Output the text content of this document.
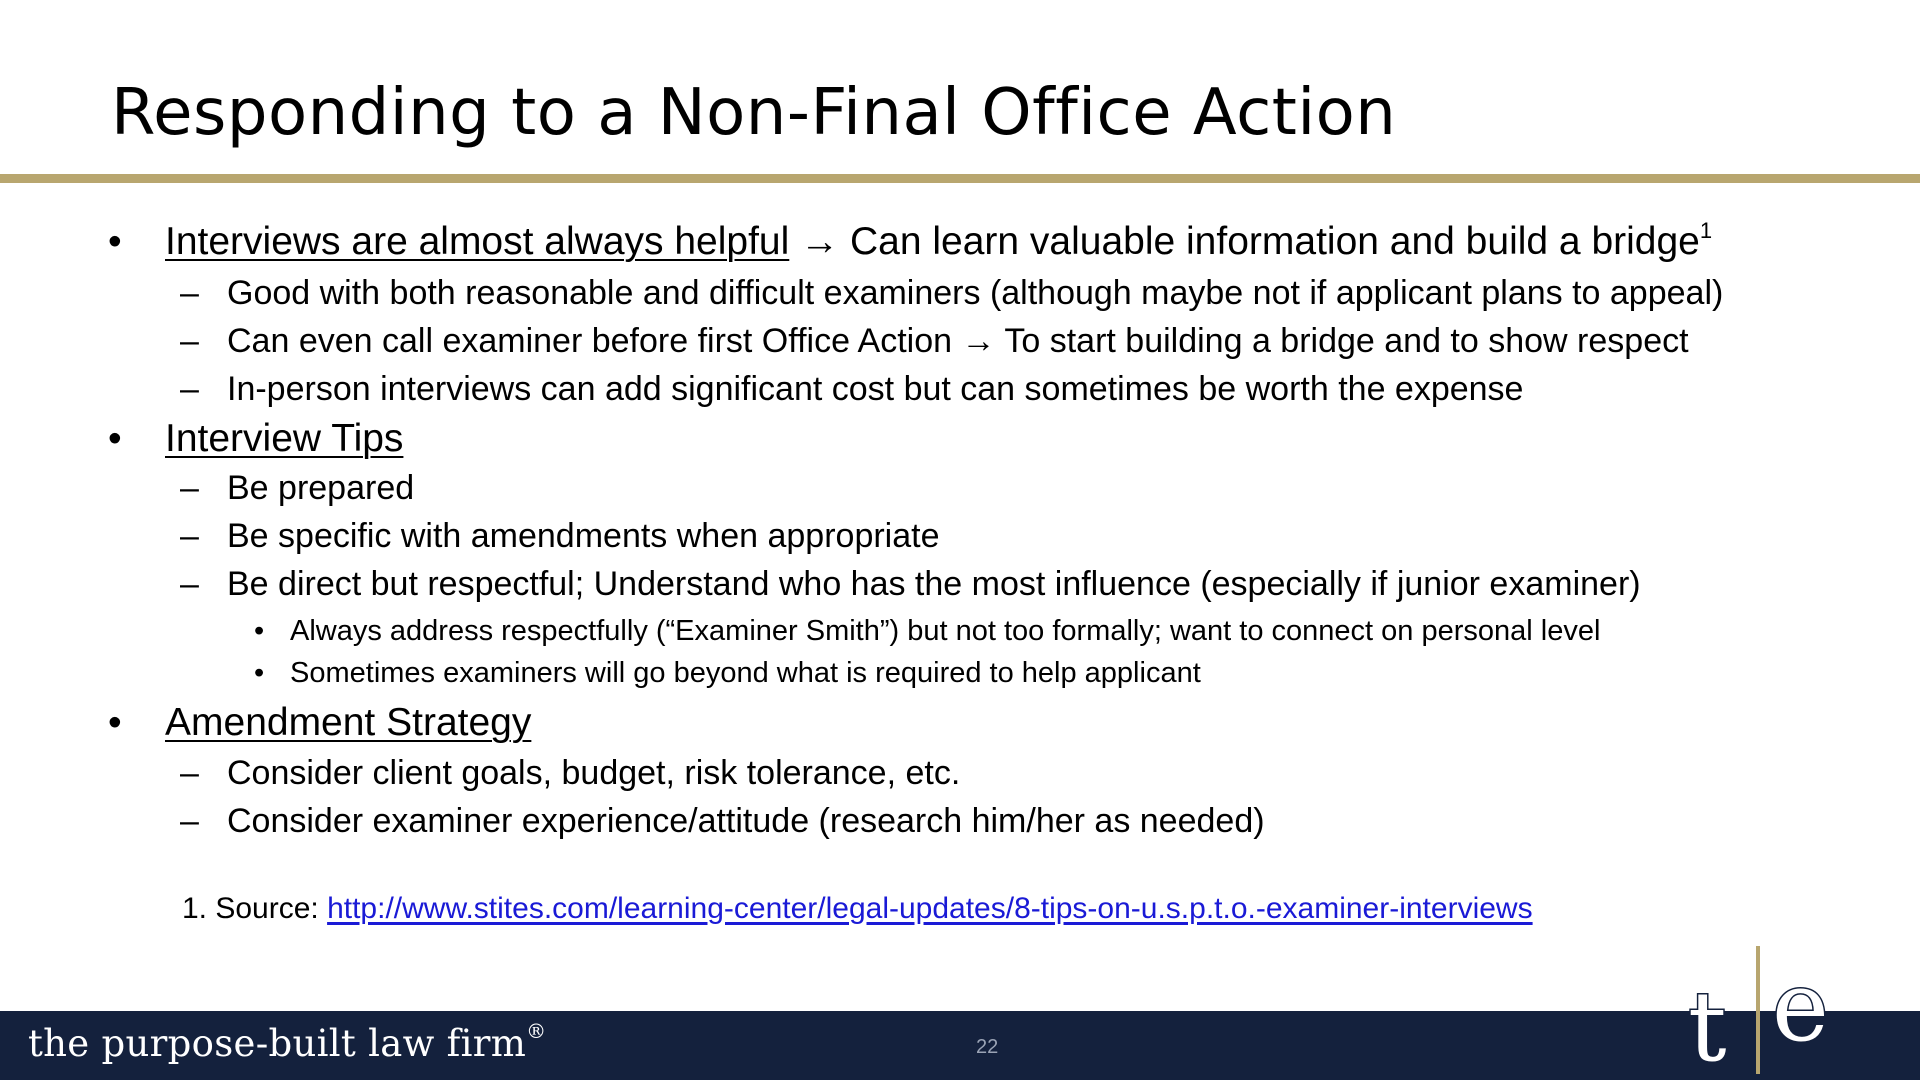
Responding to a Non-Final Office Action
• Interviews are almost always helpful → Can learn valuable information and build a bridge$^1$
– Good with both reasonable and difficult examiners (although maybe not if applicant plans to appeal)
– Can even call examiner before first Office Action → To start building a bridge and to show respect
– In-person interviews can add significant cost but can sometimes be worth the expense
• Interview Tips
– Be prepared
– Be specific with amendments when appropriate
– Be direct but respectful; Understand who has the most influence (especially if junior examiner)
• Always address respectfully (“Examiner Smith”) but not too formally; want to connect on personal level
• Sometimes examiners will go beyond what is required to help applicant
• Amendment Strategy
– Consider client goals, budget, risk tolerance, etc.
– Consider examiner experience/attitude (research him/her as needed)
1. Source: http://www.stites.com/learning-center/legal-updates/8-tips-on-u.s.p.t.o.-examiner-interviews
the purpose-built law firm®
22	t e
